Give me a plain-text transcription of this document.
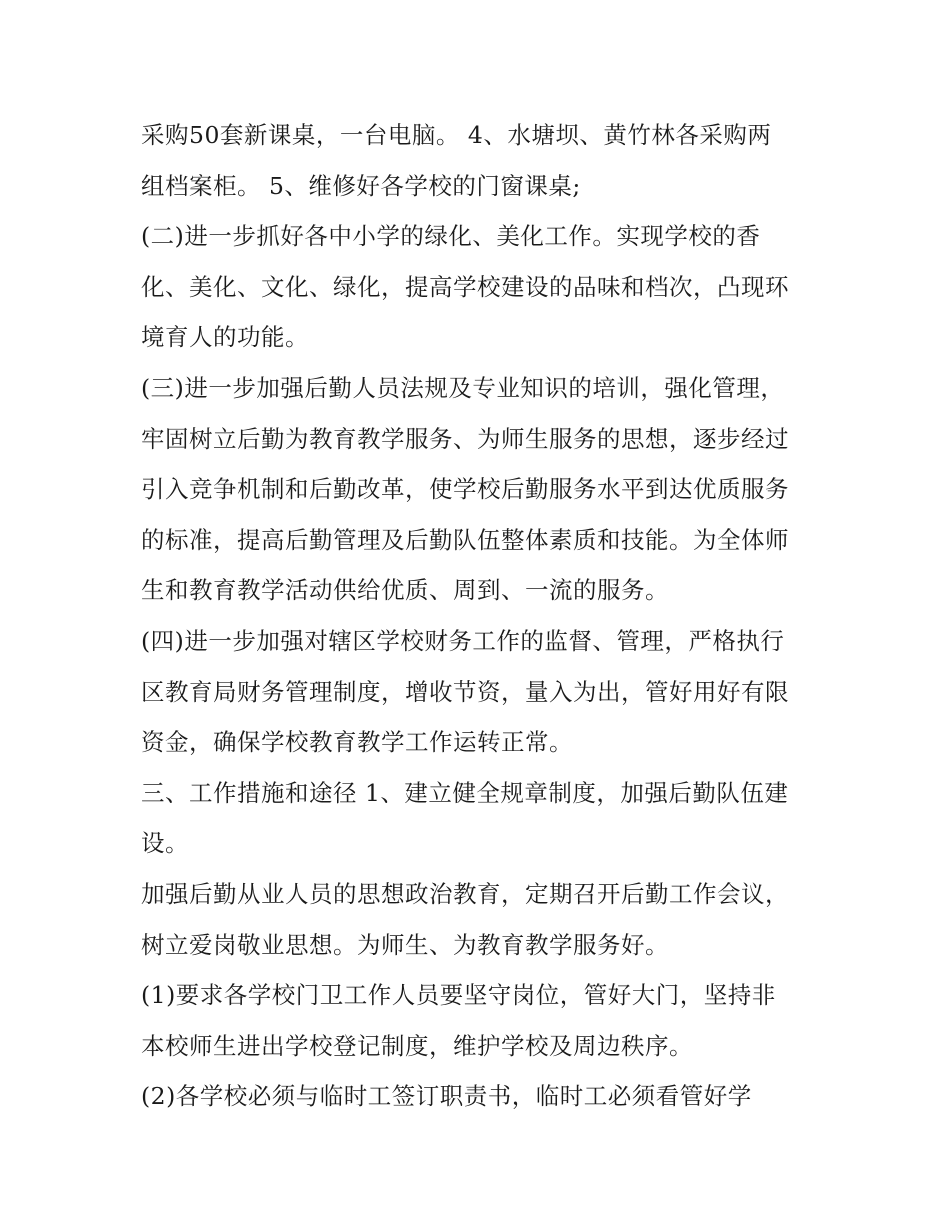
采购50套新课桌，一台电脑。 4、水塘坝、黄竹林各采购两
组档案柜。 5、维修好各学校的门窗课桌;
(二)进一步抓好各中小学的绿化、美化工作。实现学校的香
化、美化、文化、绿化，提高学校建设的品味和档次，凸现环
境育人的功能。
(三)进一步加强后勤人员法规及专业知识的培训，强化管理，
牢固树立后勤为教育教学服务、为师生服务的思想，逐步经过
引入竞争机制和后勤改革，使学校后勤服务水平到达优质服务
的标准，提高后勤管理及后勤队伍整体素质和技能。为全体师
生和教育教学活动供给优质、周到、一流的服务。
(四)进一步加强对辖区学校财务工作的监督、管理，严格执行
区教育局财务管理制度，增收节资，量入为出，管好用好有限
资金，确保学校教育教学工作运转正常。
三、工作措施和途径 1、建立健全规章制度，加强后勤队伍建
设。
加强后勤从业人员的思想政治教育，定期召开后勤工作会议，
树立爱岗敬业思想。为师生、为教育教学服务好。
(1)要求各学校门卫工作人员要坚守岗位，管好大门，坚持非
本校师生进出学校登记制度，维护学校及周边秩序。
(2)各学校必须与临时工签订职责书，临时工必须看管好学
